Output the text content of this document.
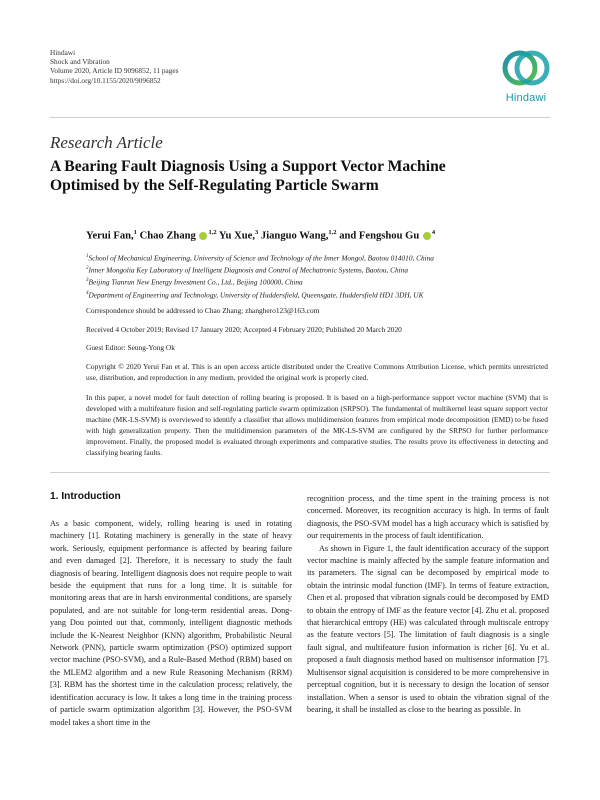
Hindawi
Shock and Vibration
Volume 2020, Article ID 9096852, 11 pages
https://doi.org/10.1155/2020/9096852
Hindawi
Research Article
A Bearing Fault Diagnosis Using a Support Vector Machine
Optimised by the Self-Regulating Particle Swarm
Yerui Fan,$^1$ Chao Zhang $^{1,2}$ Yu Xue,$^3$ Jianguo Wang,$^{1,2}$ and Fengshou Gu $^4$
$^1$School of Mechanical Engineering, University of Science and Technology of the Inner Mongol, Baotou 014010, China
$^2$Inner Mongolia Key Laboratory of Intelligent Diagnosis and Control of Mechatronic Systems, Baotou, China
$^3$Beijing Tianrun New Energy Investment Co., Ltd., Beijing 100000, China
$^4$Department of Engineering and Technology, University of Huddersfield, Queensgate, Huddersfield HD1 3DH, UK
Correspondence should be addressed to Chao Zhang; zhanghero123@163.com
Received 4 October 2019; Revised 17 January 2020; Accepted 4 February 2020; Published 20 March 2020
Guest Editor: Seung-Yong Ok
Copyright © 2020 Yerui Fan et al. This is an open access article distributed under the Creative Commons Attribution License, which permits unrestricted use, distribution, and reproduction in any medium, provided the original work is properly cited.
In this paper, a novel model for fault detection of rolling bearing is proposed. It is based on a high-performance support vector machine (SVM) that is developed with a multifeature fusion and self-regulating particle swarm optimization (SRPSO). The fundamental of multikernel least square support vector machine (MK-LS-SVM) is overviewed to identify a classifier that allows multidimension features from empirical mode decomposition (EMD) to be fused with high generalization property. Then the multidimension parameters of the MK-LS-SVM are configured by the SRPSO for further performance improvement. Finally, the proposed model is evaluated through experiments and comparative studies. The results prove its effectiveness in detecting and classifying bearing faults.
1. Introduction

As a basic component, widely, rolling bearing is used in rotating machinery [1]. Rotating machinery is generally in the state of heavy work. Seriously, equipment performance is affected by bearing failure and even damaged [2]. Therefore, it is necessary to study the fault diagnosis of bearing. Intelligent diagnosis does not require people to wait beside the equipment that runs for a long time. It is suitable for monitoring areas that are in harsh environmental conditions, are sparsely populated, and are not suitable for long-term residential areas. Dong-yang Dou pointed out that, commonly, intelligent diagnostic methods include the K-Nearest Neighbor (KNN) algorithm, Probabilistic Neural Network (PNN), particle swarm optimization (PSO) optimized support vector machine (PSO-SVM), and a Rule-Based Method (RBM) based on the MLEM2 algorithm and a new Rule Reasoning Mechanism (RRM) [3]. RBM has the shortest time in the calculation process; relatively, the identification accuracy is low. It takes a long time in the training process of particle swarm optimization algorithm [3]. However, the PSO-SVM model takes a short time in the

recognition process, and the time spent in the training process is not concerned. Moreover, its recognition accuracy is high. In terms of fault diagnosis, the PSO-SVM model has a high accuracy which is satisfied by our requirements in the process of fault identification.

As shown in Figure 1, the fault identification accuracy of the support vector machine is mainly affected by the sample feature information and its parameters. The signal can be decomposed by empirical mode to obtain the intrinsic modal function (IMF). In terms of feature extraction, Chen et al. proposed that vibration signals could be decomposed by EMD to obtain the entropy of IMF as the feature vector [4]. Zhu et al. proposed that hierarchical entropy (HE) was calculated through multiscale entropy as the feature vectors [5]. The limitation of fault diagnosis is a single fault signal, and multifeature fusion information is richer [6]. Yu et al. proposed a fault diagnosis method based on multisensor information [7]. Multisensor signal acquisition is considered to be more comprehensive in perceptual cognition, but it is necessary to design the location of sensor installation. When a sensor is used to obtain the vibration signal of the bearing, it shall be installed as close to the bearing as possible. In
